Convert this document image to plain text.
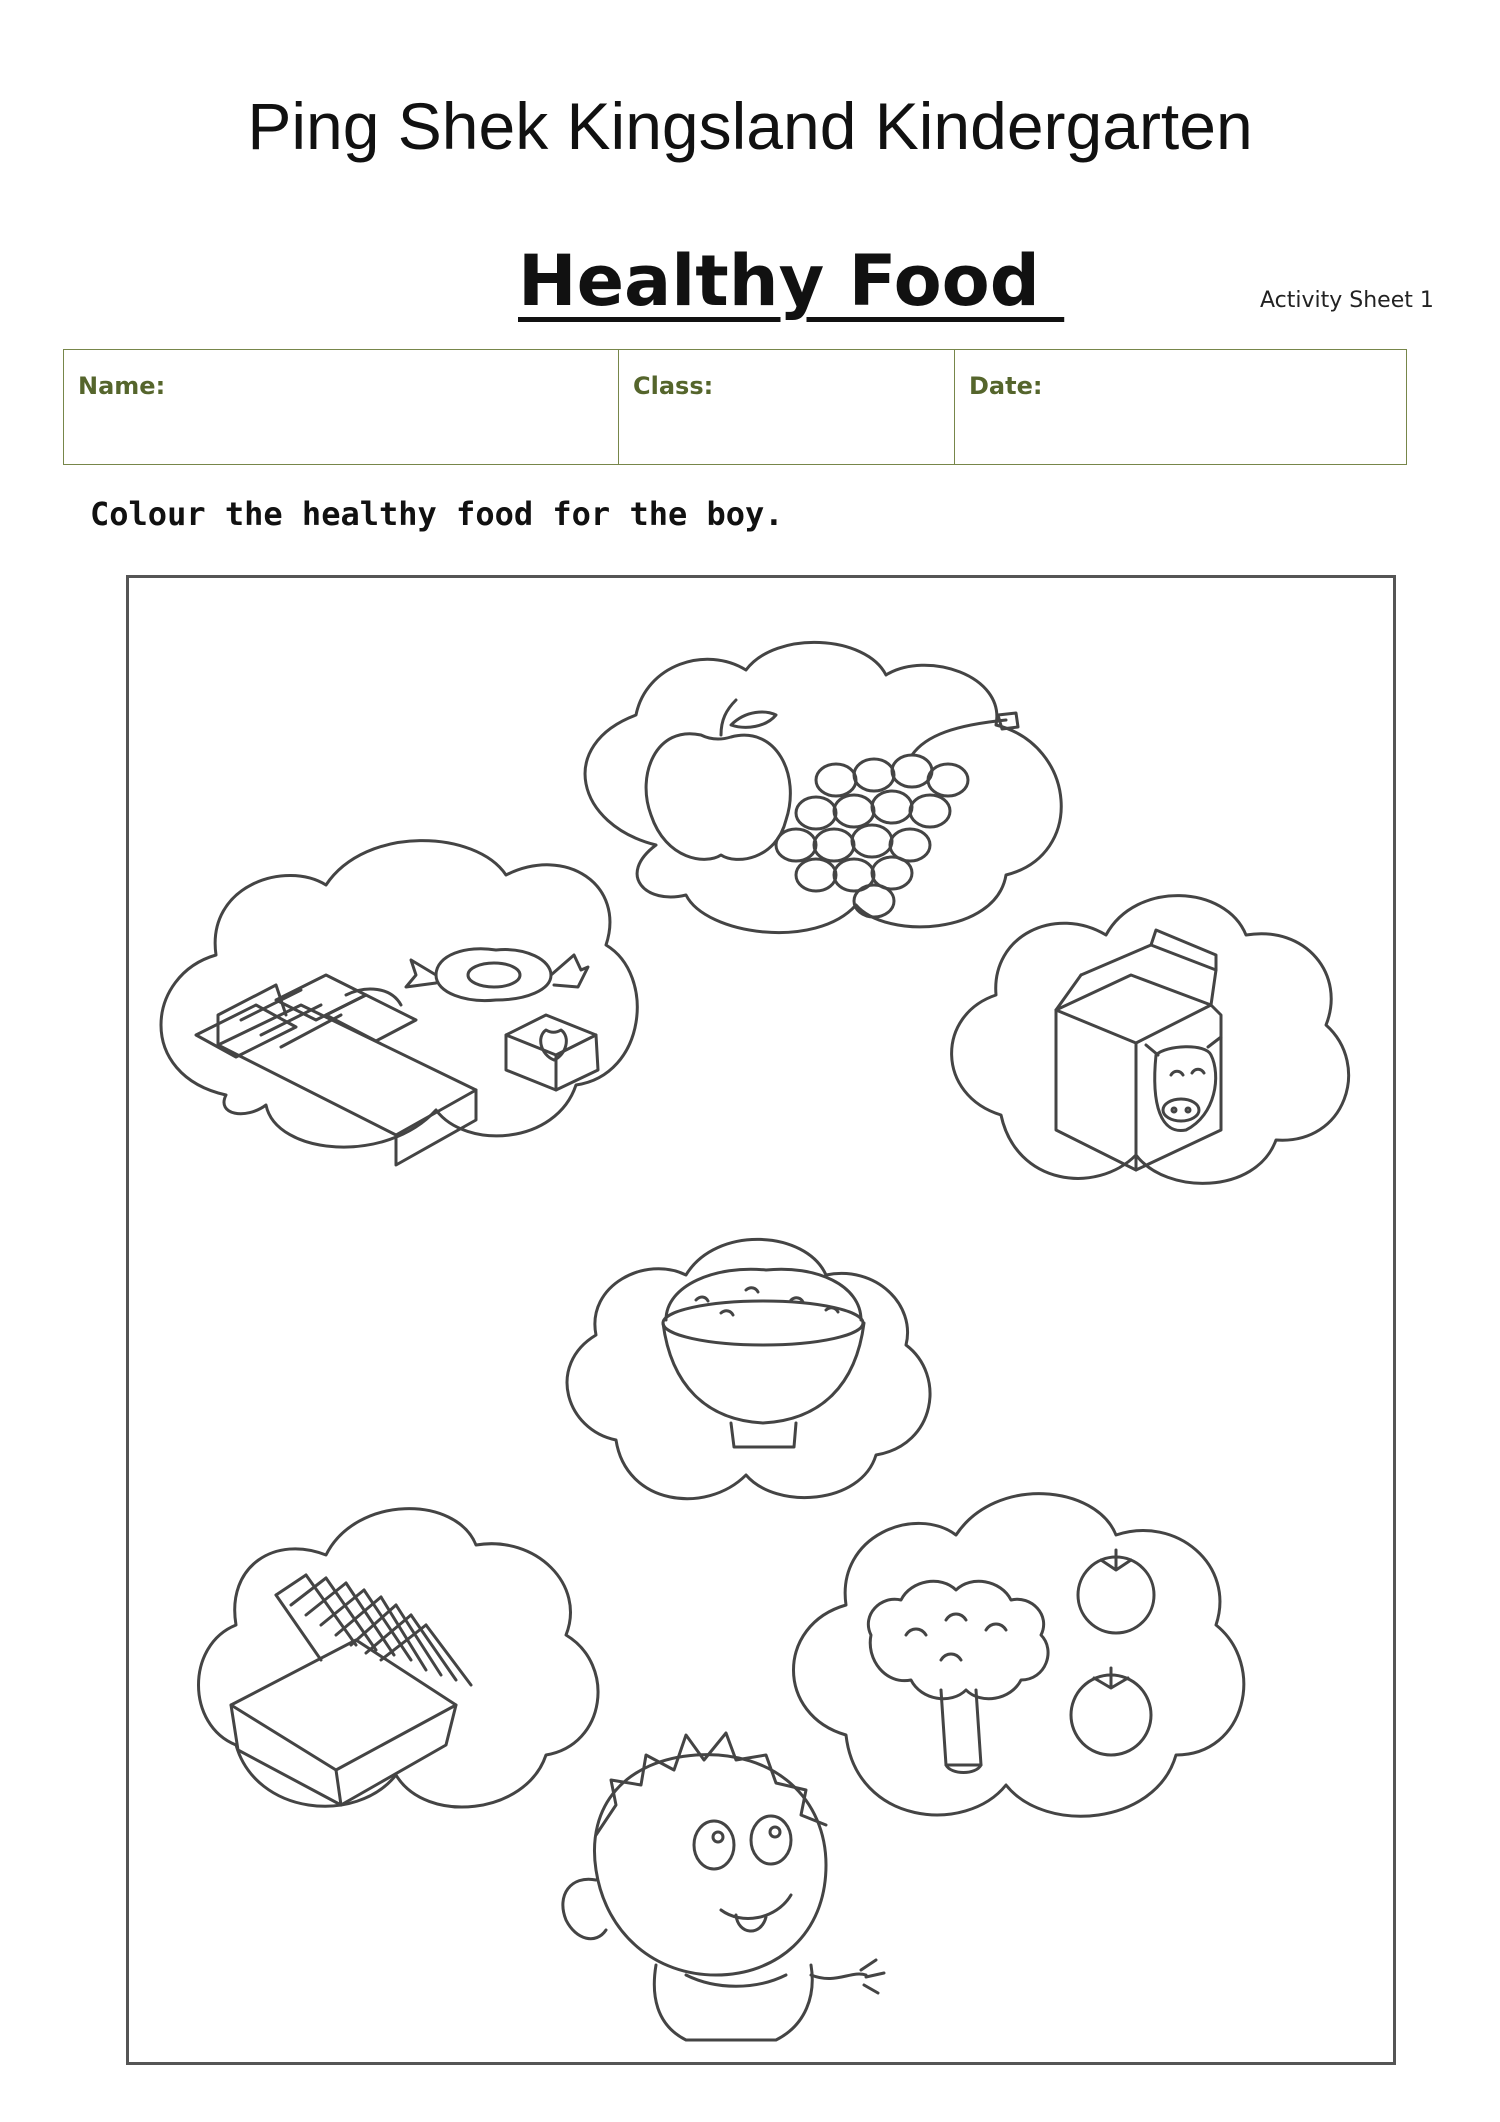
Ping Shek Kingsland Kindergarten
Healthy Food	Activity Sheet 1
Name:	Class:	Date:
Colour the healthy food for the boy.
